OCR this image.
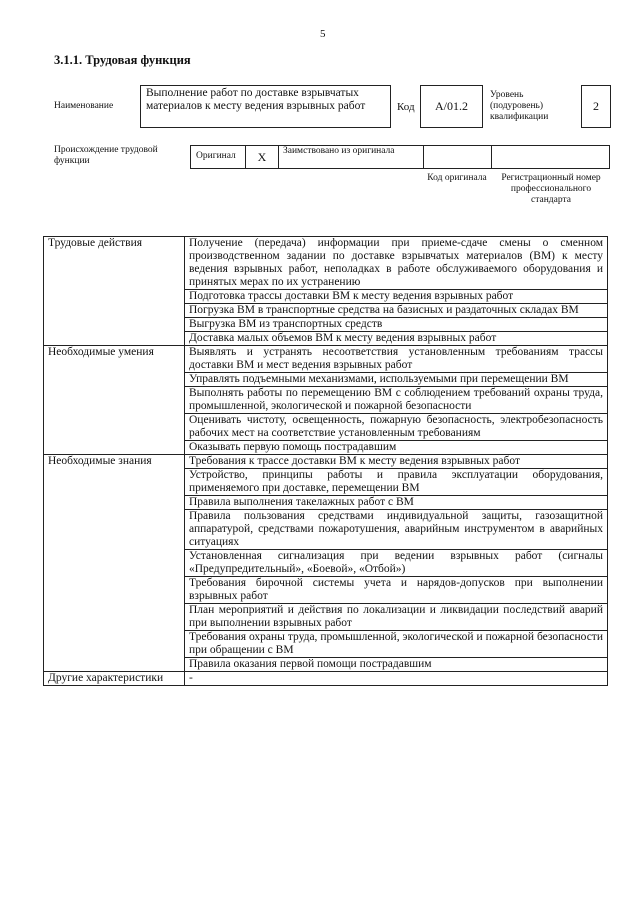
5
3.1.1. Трудовая функция
Наименование
Выполнение работ по доставке взрывчатых материалов к месту ведения взрывных работ	Код	А/01.2
Уровень (подуровень) квалификации
2
Происхождение трудовой функции	Оригинал	X	Заимствовано из оригинала
Код оригинала	Регистрационный номер профессионального стандарта
Трудовые действия	Получение (передача) информации при приеме-сдаче смены о сменном производственном задании по доставке взрывчатых материалов (ВМ) к месту ведения взрывных работ, неполадках в работе обслуживаемого оборудования и принятых мерах по их устранению
	Подготовка трассы доставки ВМ к месту ведения взрывных работ
	Погрузка ВМ в транспортные средства на базисных и раздаточных складах ВМ
	Выгрузка ВМ из транспортных средств
	Доставка малых объемов ВМ к месту ведения взрывных работ
Необходимые умения	Выявлять и устранять несоответствия установленным требованиям трассы доставки ВМ и мест ведения взрывных работ
	Управлять подъемными механизмами, используемыми при перемещении ВМ
	Выполнять работы по перемещению ВМ с соблюдением требований охраны труда, промышленной, экологической и пожарной безопасности
	Оценивать чистоту, освещенность, пожарную безопасность, электробезопасность рабочих мест на соответствие установленным требованиям
	Оказывать первую помощь пострадавшим
Необходимые знания	Требования к трассе доставки ВМ к месту ведения взрывных работ
	Устройство, принципы работы и правила эксплуатации оборудования, применяемого при доставке, перемещении ВМ
	Правила выполнения такелажных работ с ВМ
	Правила пользования средствами индивидуальной защиты, газозащитной аппаратурой, средствами пожаротушения, аварийным инструментом в аварийных ситуациях
	Установленная сигнализация при ведении взрывных работ (сигналы «Предупредительный», «Боевой», «Отбой»)
	Требования бирочной системы учета и нарядов-допусков при выполнении взрывных работ
	План мероприятий и действия по локализации и ликвидации последствий аварий при выполнении взрывных работ
	Требования охраны труда, промышленной, экологической и пожарной безопасности при обращении с ВМ
	Правила оказания первой помощи пострадавшим
Другие характеристики	-
